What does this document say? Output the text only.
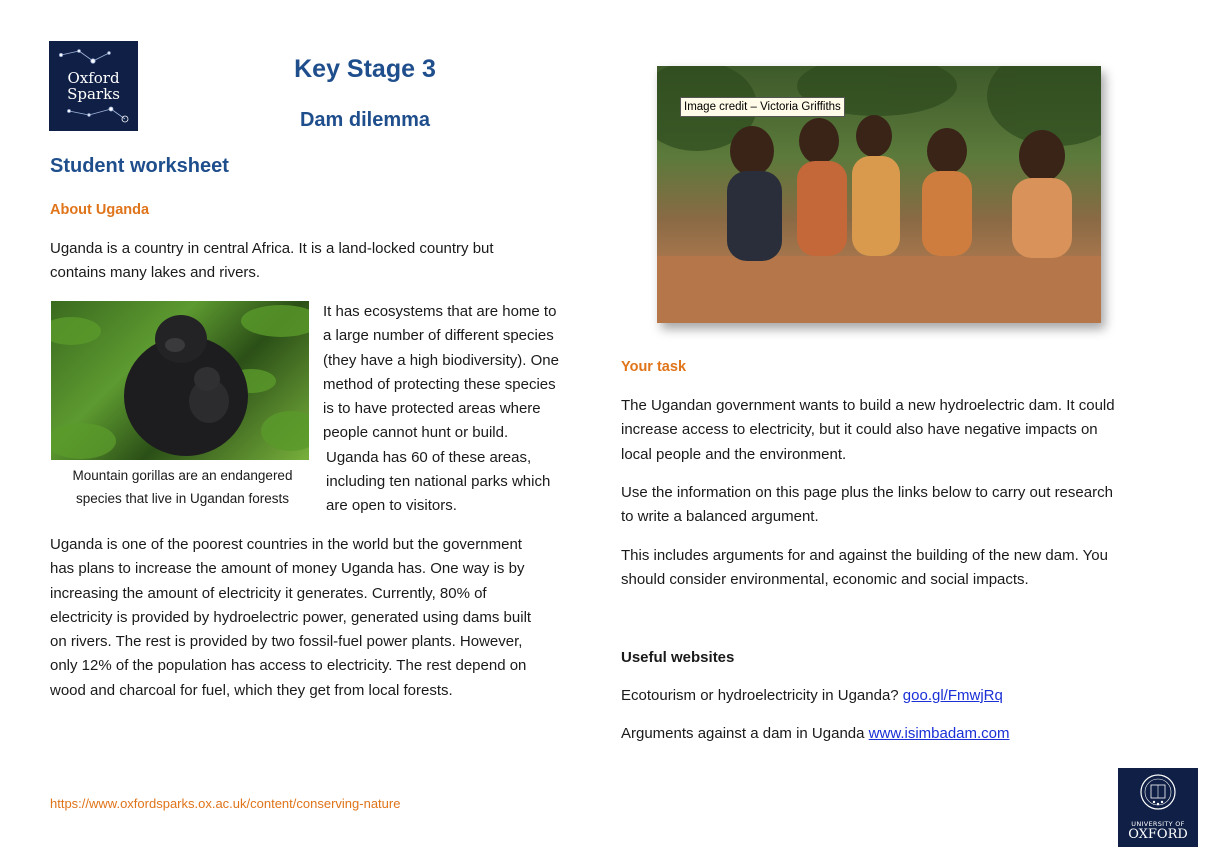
Oxford
Sparks
Key Stage 3
Dam dilemma
Student worksheet
About Uganda
Uganda is a country in central Africa. It is a land-locked country but
contains many lakes and rivers.
Mountain gorillas are an endangered
species that live in Ugandan forests
It has ecosystems that are home to
a large number of different species
(they have a high biodiversity). One
method of protecting these species
is to have protected areas where
people cannot hunt or build.
Uganda has 60 of these areas,
including ten national parks which
are open to visitors.
Uganda is one of the poorest countries in the world but the government
has plans to increase the amount of money Uganda has. One way is by
increasing the amount of electricity it generates. Currently, 80% of
electricity is provided by hydroelectric power, generated using dams built
on rivers. The rest is provided by two fossil-fuel power plants. However,
only 12% of the population has access to electricity. The rest depend on
wood and charcoal for fuel, which they get from local forests.
Image credit – Victoria Griffiths
Your task
The Ugandan government wants to build a new hydroelectric dam. It could
increase access to electricity, but it could also have negative impacts on
local people and the environment.
Use the information on this page plus the links below to carry out research
to write a balanced argument.
This includes arguments for and against the building of the new dam. You
should consider environmental, economic and social impacts.
Useful websites
Ecotourism or hydroelectricity in Uganda? goo.gl/FmwjRq
Arguments against a dam in Uganda www.isimbadam.com
https://www.oxfordsparks.ox.ac.uk/content/conserving-nature
UNIVERSITY OF
OXFORD
